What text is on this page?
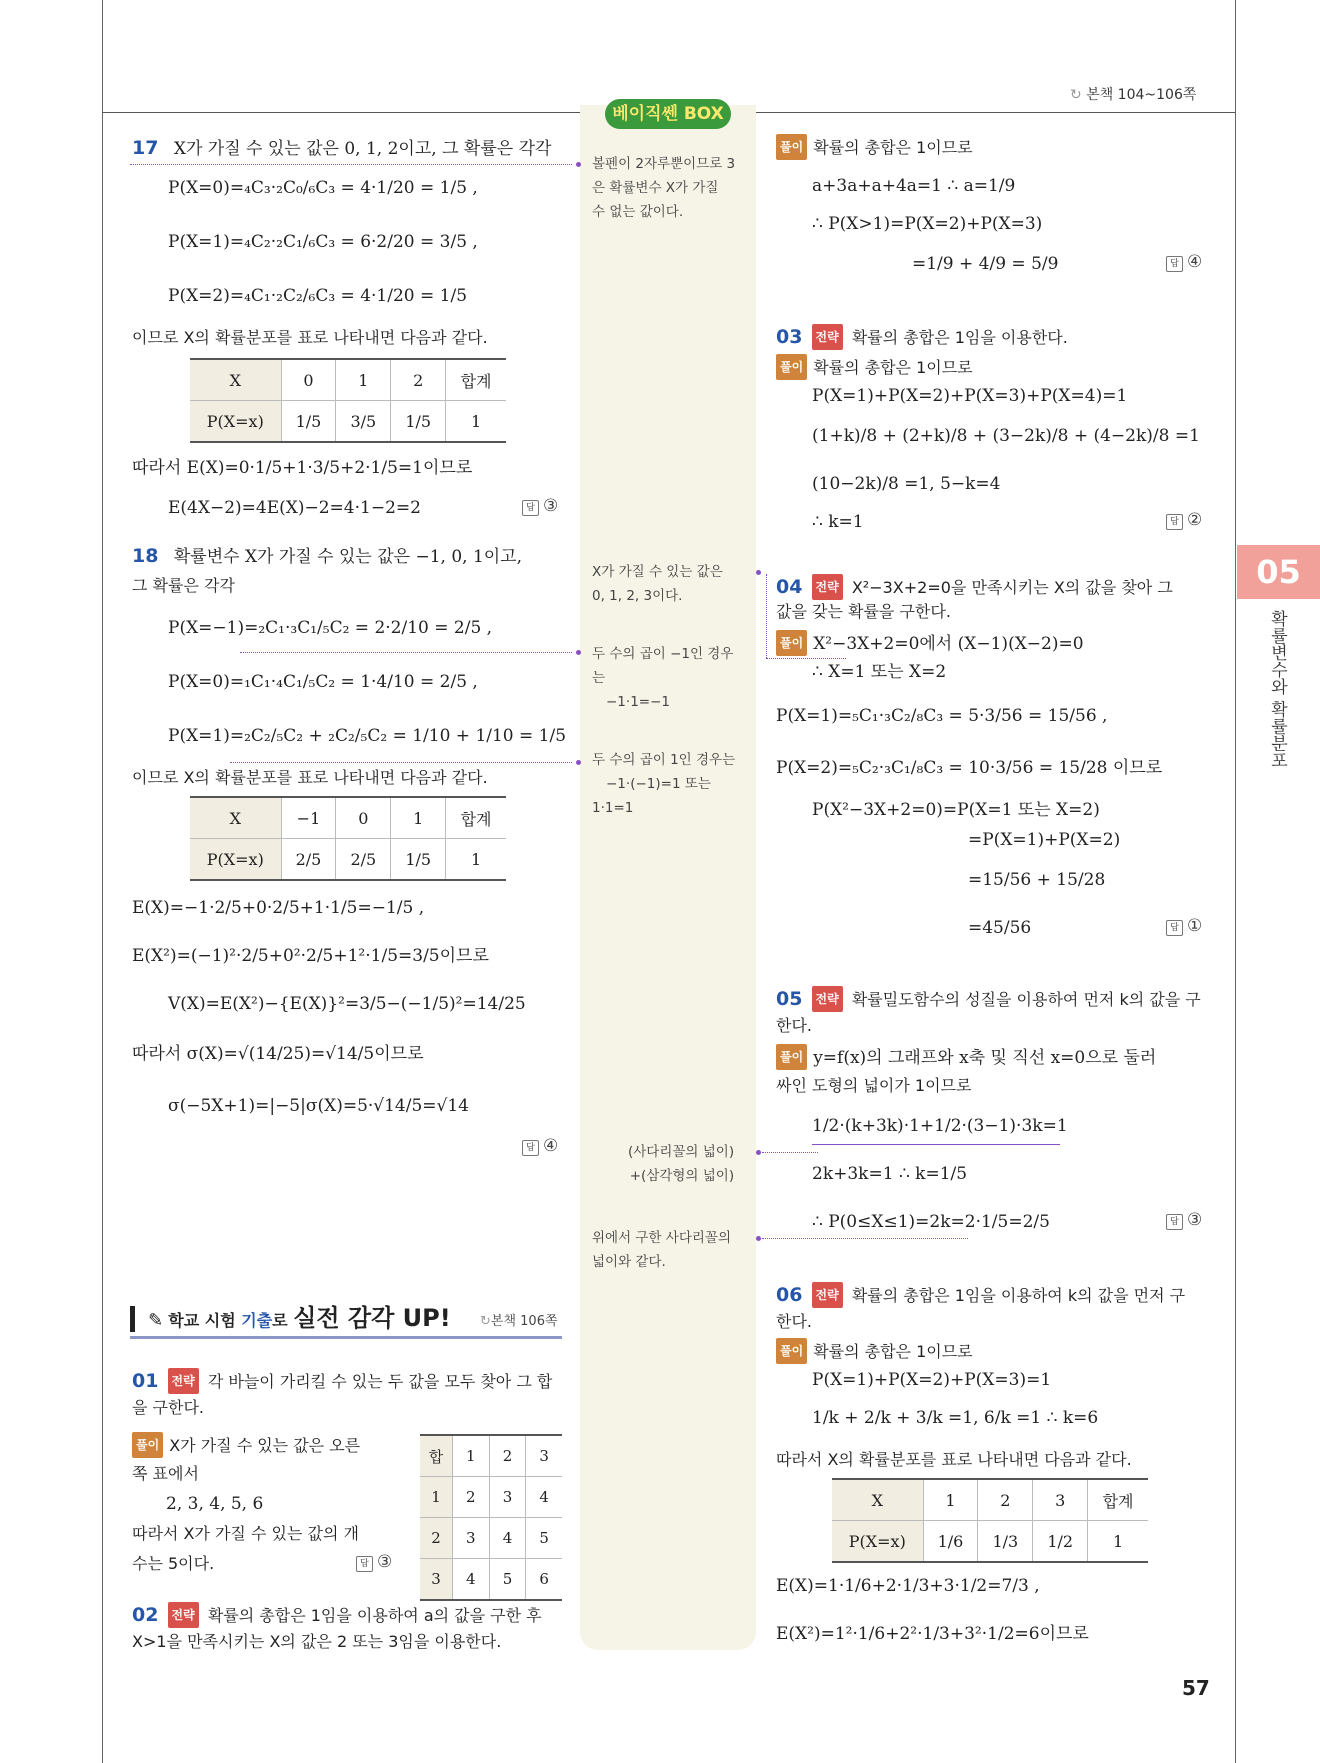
↻ 본책 104~106쪽
베이직쎈 BOX
05
확률변수와 확률분포
17 X가 가질 수 있는 값은 0, 1, 2이고, 그 확률은 각각
P(X=0)=₄C₃·₂C₀/₆C₃ = 4·1/20 = 1/5 ,
P(X=1)=₄C₂·₂C₁/₆C₃ = 6·2/20 = 3/5 ,
P(X=2)=₄C₁·₂C₂/₆C₃ = 4·1/20 = 1/5
이므로 X의 확률분포를 표로 나타내면 다음과 같다.
X	0	1	2	합계
P(X=x)	1/5	3/5	1/5	1
따라서 E(X)=0·1/5+1·3/5+2·1/5=1이므로
E(4X−2)=4E(X)−2=4·1−2=2	답 ③
18 확률변수 X가 가질 수 있는 값은 −1, 0, 1이고,
그 확률은 각각
P(X=−1)=₂C₁·₃C₁/₅C₂ = 2·2/10 = 2/5 ,
P(X=0)=₁C₁·₄C₁/₅C₂ = 1·4/10 = 2/5 ,
P(X=1)=₂C₂/₅C₂ + ₂C₂/₅C₂ = 1/10 + 1/10 = 1/5
이므로 X의 확률분포를 표로 나타내면 다음과 같다.
X	−1	0	1	합계
P(X=x)	2/5	2/5	1/5	1
E(X)=−1·2/5+0·2/5+1·1/5=−1/5 ,
E(X²)=(−1)²·2/5+0²·2/5+1²·1/5=3/5이므로
V(X)=E(X²)−{E(X)}²=3/5−(−1/5)²=14/25
따라서 σ(X)=√(14/25)=√14/5이므로
σ(−5X+1)=|−5|σ(X)=5·√14/5=√14
답 ④
✎ 학교 시험 기출로 실전 감각 UP! ↻본책 106쪽
01 전략 각 바늘이 가리킬 수 있는 두 값을 모두 찾아 그 합
을 구한다.
풀이 X가 가질 수 있는 값은 오른
쪽 표에서
2, 3, 4, 5, 6
따라서 X가 가질 수 있는 값의 개
수는 5이다.	답 ③
합	1	2	3
1	2	3	4
2	3	4	5
3	4	5	6
02 전략 확률의 총합은 1임을 이용하여 a의 값을 구한 후
X>1을 만족시키는 X의 값은 2 또는 3임을 이용한다.
볼펜이 2자루뿐이므로 3
은 확률변수 X가 가질
수 없는 값이다.
X가 가질 수 있는 값은
0, 1, 2, 3이다.
두 수의 곱이 −1인 경우
는
−1·1=−1
두 수의 곱이 1인 경우는
−1·(−1)=1 또는
1·1=1
(사다리꼴의 넓이)
+(삼각형의 넓이)
위에서 구한 사다리꼴의
넓이와 같다.
풀이 확률의 총합은 1이므로
a+3a+a+4a=1 ∴ a=1/9
∴ P(X>1)=P(X=2)+P(X=3)
=1/9 + 4/9 = 5/9	답 ④
03 전략 확률의 총합은 1임을 이용한다.
풀이 확률의 총합은 1이므로
P(X=1)+P(X=2)+P(X=3)+P(X=4)=1
(1+k)/8 + (2+k)/8 + (3−2k)/8 + (4−2k)/8 =1
(10−2k)/8 =1, 5−k=4
∴ k=1	답 ②
04 전략 X²−3X+2=0을 만족시키는 X의 값을 찾아 그
값을 갖는 확률을 구한다.
풀이 X²−3X+2=0에서 (X−1)(X−2)=0
∴ X=1 또는 X=2
P(X=1)=₅C₁·₃C₂/₈C₃ = 5·3/56 = 15/56 ,
P(X=2)=₅C₂·₃C₁/₈C₃ = 10·3/56 = 15/28 이므로
P(X²−3X+2=0)=P(X=1 또는 X=2)
=P(X=1)+P(X=2)
=15/56 + 15/28
=45/56	답 ①
05 전략 확률밀도함수의 성질을 이용하여 먼저 k의 값을 구
한다.
풀이 y=f(x)의 그래프와 x축 및 직선 x=0으로 둘러
싸인 도형의 넓이가 1이므로
1/2·(k+3k)·1+1/2·(3−1)·3k=1
2k+3k=1 ∴ k=1/5
∴ P(0≤X≤1)=2k=2·1/5=2/5	답 ③
06 전략 확률의 총합은 1임을 이용하여 k의 값을 먼저 구
한다.
풀이 확률의 총합은 1이므로
P(X=1)+P(X=2)+P(X=3)=1
1/k + 2/k + 3/k =1, 6/k =1 ∴ k=6
따라서 X의 확률분포를 표로 나타내면 다음과 같다.
X	1	2	3	합계
P(X=x)	1/6	1/3	1/2	1
E(X)=1·1/6+2·1/3+3·1/2=7/3 ,
E(X²)=1²·1/6+2²·1/3+3²·1/2=6이므로
57
